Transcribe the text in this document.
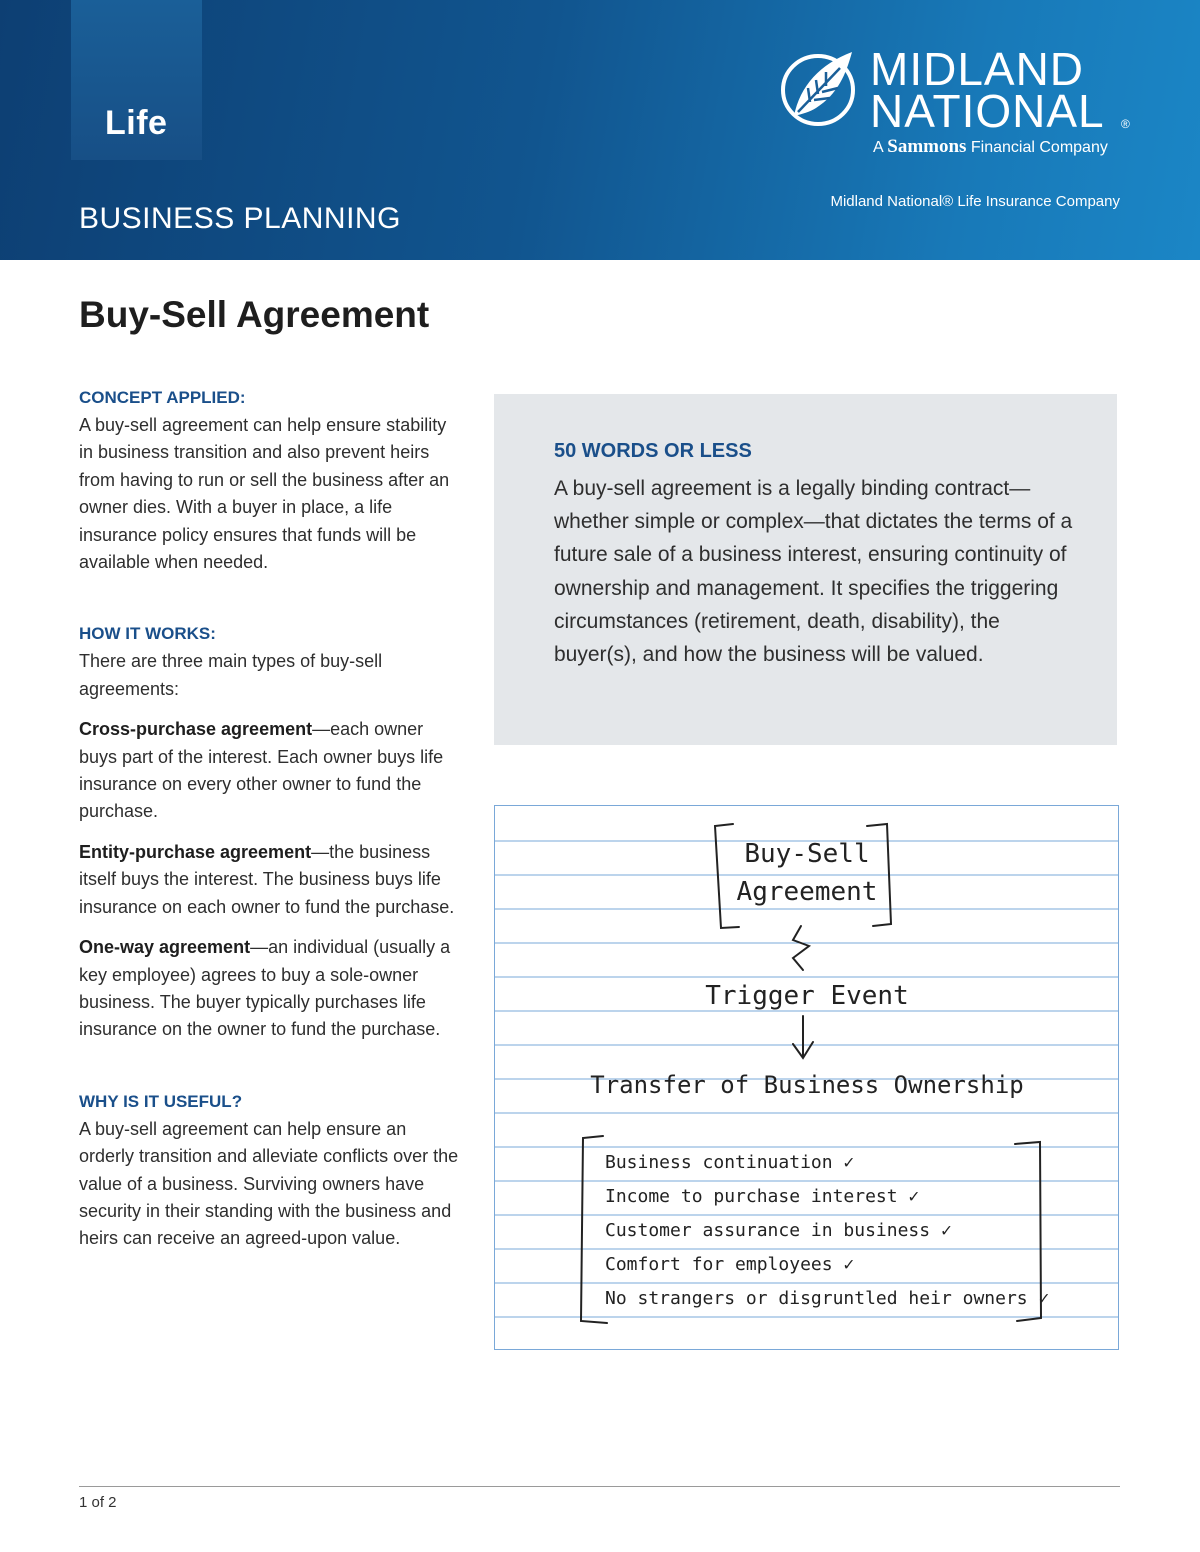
Life
BUSINESS PLANNING
MIDLAND
NATIONAL ®
A Sammons Financial Company
Midland National® Life Insurance Company
Buy-Sell Agreement
CONCEPT APPLIED:

A buy-sell agreement can help ensure stability in business transition and also prevent heirs from having to run or sell the business after an owner dies. With a buyer in place, a life insurance policy ensures that funds will be available when needed.

HOW IT WORKS:

There are three main types of buy-sell agreements:

Cross-purchase agreement—each owner buys part of the interest. Each owner buys life insurance on every other owner to fund the purchase.

Entity-purchase agreement—the business itself buys the interest. The business buys life insurance on each owner to fund the purchase.

One-way agreement—an individual (usually a key employee) agrees to buy a sole-owner business. The buyer typically purchases life insurance on the owner to fund the purchase.

WHY IS IT USEFUL?

A buy-sell agreement can help ensure an orderly transition and alleviate conflicts over the value of a business. Surviving owners have security in their standing with the business and heirs can receive an agreed-upon value.

50 WORDS OR LESS
A buy-sell agreement is a legally binding contract—whether simple or complex—that dictates the terms of a future sale of a business interest, ensuring continuity of ownership and management. It specifies the triggering circumstances (retirement, death, disability), the buyer(s), and how the business will be valued.
Buy-Sell
Agreement
Trigger Event
Transfer of Business Ownership
Business continuation ✓
Income to purchase interest ✓
Customer assurance in business ✓
Comfort for employees ✓
No strangers or disgruntled heir owners ✓
1 of 2
